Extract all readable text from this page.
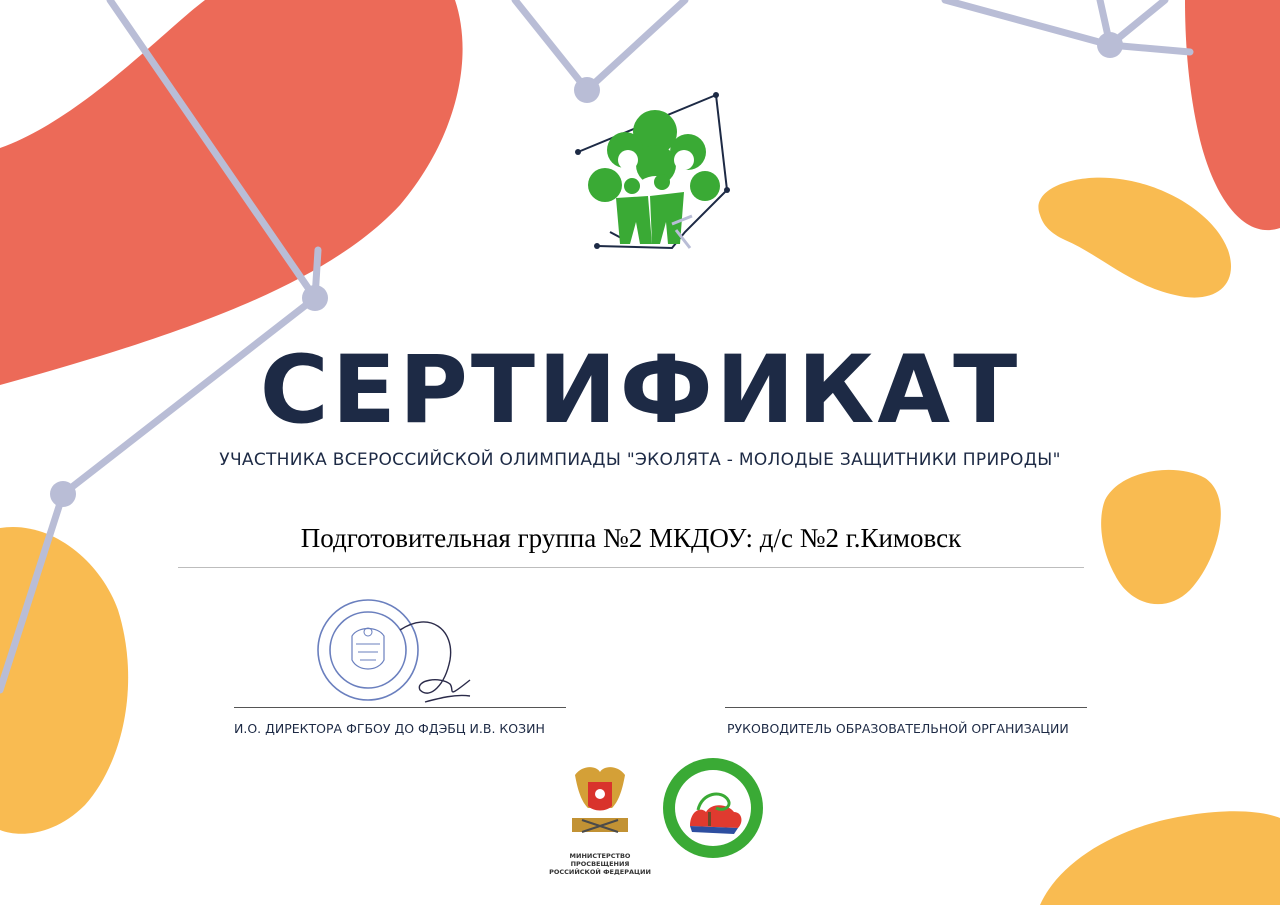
СЕРТИФИКАТ
УЧАСТНИКА ВСЕРОССИЙСКОЙ ОЛИМПИАДЫ "ЭКОЛЯТА - МОЛОДЫЕ ЗАЩИТНИКИ ПРИРОДЫ"
Подготовительная группа №2 МКДОУ: д/с №2 г.Кимовск
И.О. ДИРЕКТОРА ФГБОУ ДО ФДЭБЦ И.В. КОЗИН	РУКОВОДИТЕЛЬ ОБРАЗОВАТЕЛЬНОЙ ОРГАНИЗАЦИИ
МИНИСТЕРСТВО ПРОСВЕЩЕНИЯ
РОССИЙСКОЙ ФЕДЕРАЦИИ
